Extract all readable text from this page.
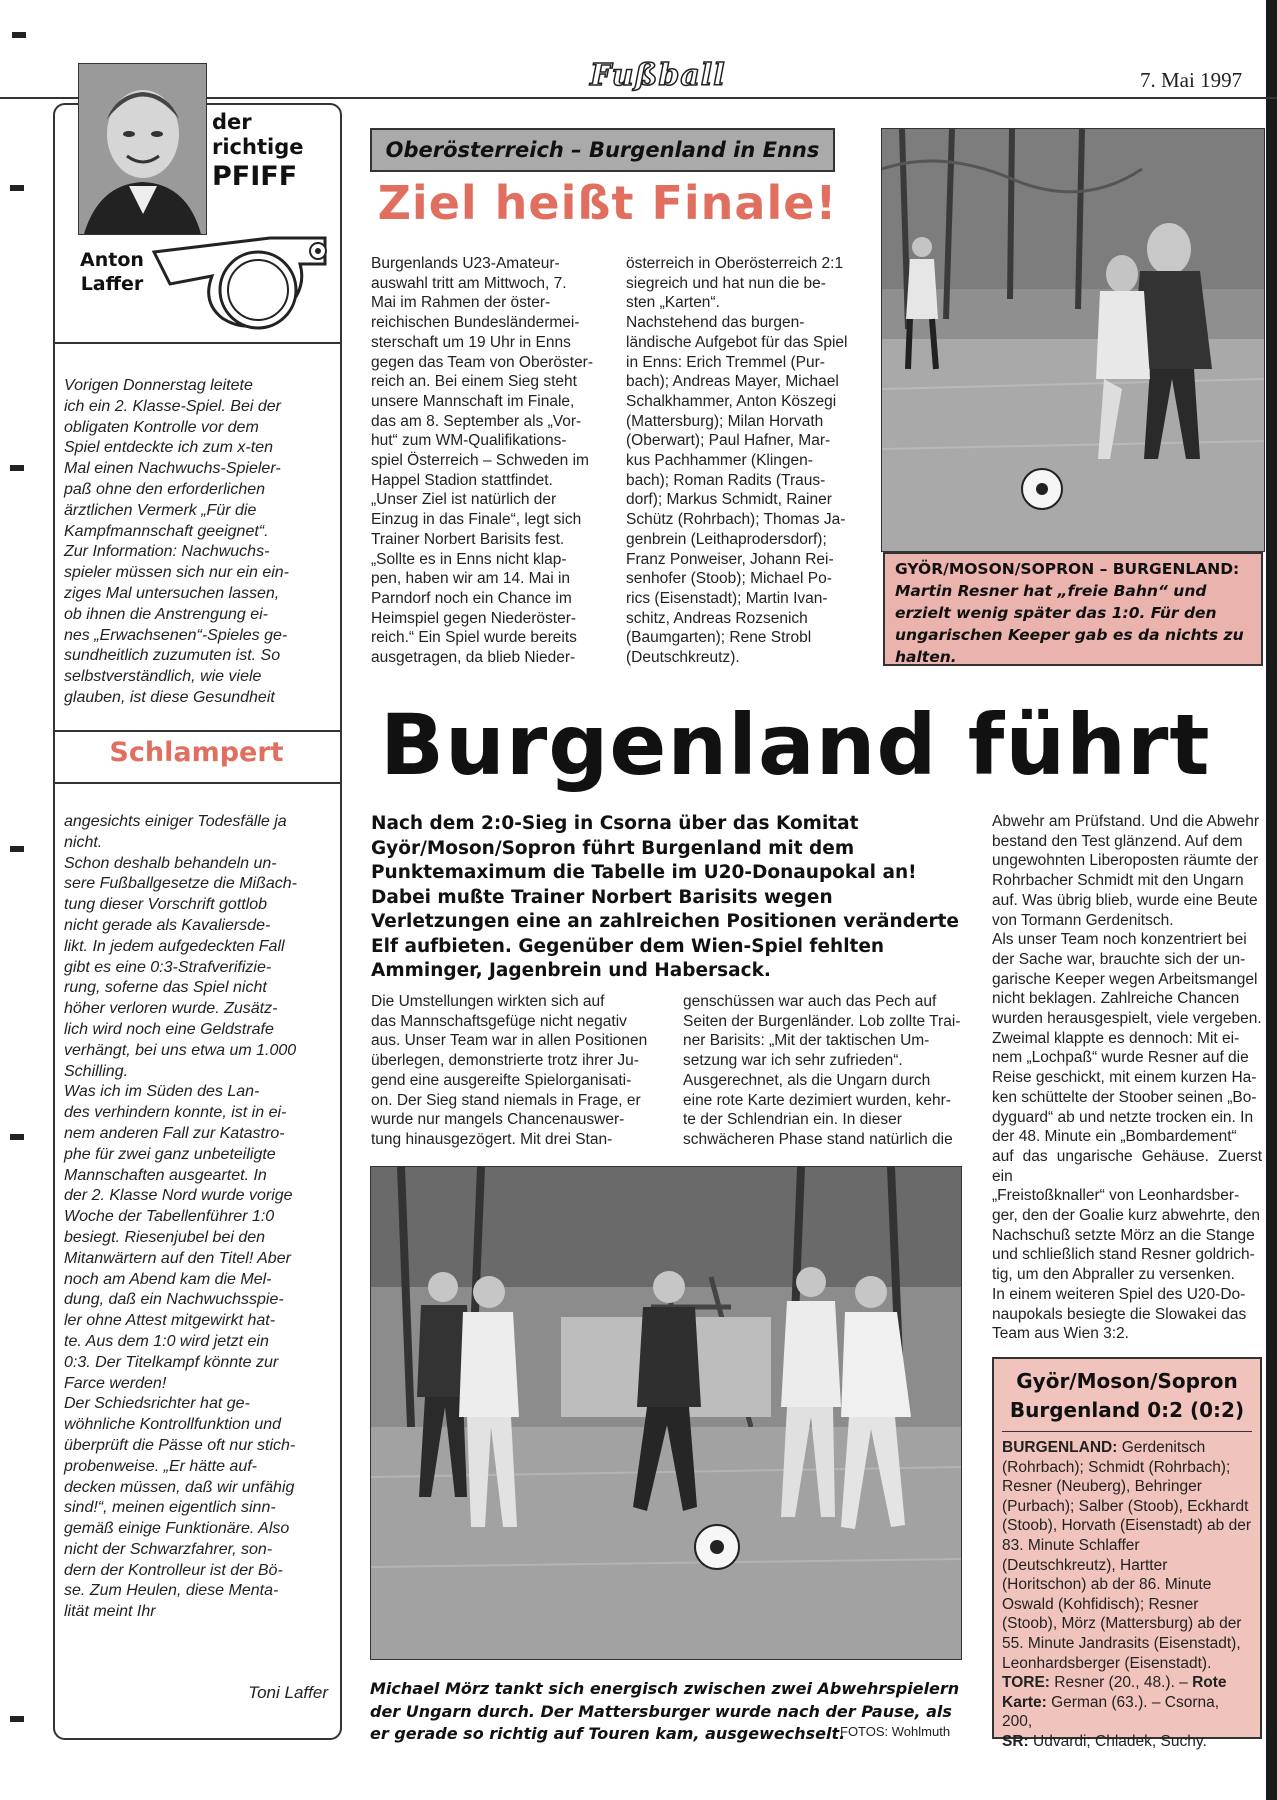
Fußball	7. Mai 1997
der
richtige
PFIFF
Anton
Laffer
Vorigen Donnerstag leitete
ich ein 2. Klasse-Spiel. Bei der
obligaten Kontrolle vor dem
Spiel entdeckte ich zum x-ten
Mal einen Nachwuchs-Spieler-
paß ohne den erforderlichen
ärztlichen Vermerk „Für die
Kampfmannschaft geeignet“.
Zur Information: Nachwuchs-
spieler müssen sich nur ein ein-
ziges Mal untersuchen lassen,
ob ihnen die Anstrengung ei-
nes „Erwachsenen“-Spieles ge-
sundheitlich zuzumuten ist. So
selbstverständlich, wie viele
glauben, ist diese Gesundheit
Schlampert
angesichts einiger Todesfälle ja
nicht.
Schon deshalb behandeln un-
sere Fußballgesetze die Mißach-
tung dieser Vorschrift gottlob
nicht gerade als Kavaliersde-
likt. In jedem aufgedeckten Fall
gibt es eine 0:3-Strafverifizie-
rung, soferne das Spiel nicht
höher verloren wurde. Zusätz-
lich wird noch eine Geldstrafe
verhängt, bei uns etwa um 1.000
Schilling.
Was ich im Süden des Lan-
des verhindern konnte, ist in ei-
nem anderen Fall zur Katastro-
phe für zwei ganz unbeteiligte
Mannschaften ausgeartet. In
der 2. Klasse Nord wurde vorige
Woche der Tabellenführer 1:0
besiegt. Riesenjubel bei den
Mitanwärtern auf den Titel! Aber
noch am Abend kam die Mel-
dung, daß ein Nachwuchsspie-
ler ohne Attest mitgewirkt hat-
te. Aus dem 1:0 wird jetzt ein
0:3. Der Titelkampf könnte zur
Farce werden!
Der Schiedsrichter hat ge-
wöhnliche Kontrollfunktion und
überprüft die Pässe oft nur stich-
probenweise. „Er hätte auf-
decken müssen, daß wir unfähig
sind!“, meinen eigentlich sinn-
gemäß einige Funktionäre. Also
nicht der Schwarzfahrer, son-
dern der Kontrolleur ist der Bö-
se. Zum Heulen, diese Menta-
lität meint Ihr
Toni Laffer
Oberösterreich – Burgenland in Enns
Ziel heißt Finale!
Burgenlands U23-Amateur-
auswahl tritt am Mittwoch, 7.
Mai im Rahmen der öster-
reichischen Bundesländermei-
sterschaft um 19 Uhr in Enns
gegen das Team von Oberöster-
reich an. Bei einem Sieg steht
unsere Mannschaft im Finale,
das am 8. September als „Vor-
hut“ zum WM-Qualifikations-
spiel Österreich – Schweden im
Happel Stadion stattfindet.
„Unser Ziel ist natürlich der
Einzug in das Finale“, legt sich
Trainer Norbert Barisits fest.
„Sollte es in Enns nicht klap-
pen, haben wir am 14. Mai in
Parndorf noch ein Chance im
Heimspiel gegen Niederöster-
reich.“ Ein Spiel wurde bereits
ausgetragen, da blieb Nieder-
österreich in Oberösterreich 2:1
siegreich und hat nun die be-
sten „Karten“.
Nachstehend das burgen-
ländische Aufgebot für das Spiel
in Enns: Erich Tremmel (Pur-
bach); Andreas Mayer, Michael
Schalkhammer, Anton Köszegi
(Mattersburg); Milan Horvath
(Oberwart); Paul Hafner, Mar-
kus Pachhammer (Klingen-
bach); Roman Radits (Traus-
dorf); Markus Schmidt, Rainer
Schütz (Rohrbach); Thomas Ja-
genbrein (Leithaprodersdorf);
Franz Ponweiser, Johann Rei-
senhofer (Stoob); Michael Po-
rics (Eisenstadt); Martin Ivan-
schitz, Andreas Rozsenich
(Baumgarten); Rene Strobl
(Deutschkreutz).
GYÖR/MOSON/SOPRON – BURGENLAND: Martin Resner hat „freie Bahn“ und erzielt wenig später das 1:0. Für den ungarischen Keeper gab es da nichts zu halten.
Burgenland führt
Nach dem 2:0-Sieg in Csorna über das Komitat Györ/Moson/Sopron führt Burgenland mit dem Punktemaximum die Tabelle im U20-Donaupokal an! Dabei mußte Trainer Norbert Barisits wegen Verletzungen eine an zahlreichen Positionen veränderte Elf aufbieten. Gegenüber dem Wien-Spiel fehlten Amminger, Jagenbrein und Habersack.
Die Umstellungen wirkten sich auf
das Mannschaftsgefüge nicht negativ
aus. Unser Team war in allen Positionen
überlegen, demonstrierte trotz ihrer Ju-
gend eine ausgereifte Spielorganisati-
on. Der Sieg stand niemals in Frage, er
wurde nur mangels Chancenauswer-
tung hinausgezögert. Mit drei Stan-
genschüssen war auch das Pech auf
Seiten der Burgenländer. Lob zollte Trai-
ner Barisits: „Mit der taktischen Um-
setzung war ich sehr zufrieden“.
Ausgerechnet, als die Ungarn durch
eine rote Karte dezimiert wurden, kehr-
te der Schlendrian ein. In dieser
schwächeren Phase stand natürlich die
Abwehr am Prüfstand. Und die Abwehr
bestand den Test glänzend. Auf dem
ungewohnten Liberoposten räumte der
Rohrbacher Schmidt mit den Ungarn
auf. Was übrig blieb, wurde eine Beute
von Tormann Gerdenitsch.
Als unser Team noch konzentriert bei
der Sache war, brauchte sich der un-
garische Keeper wegen Arbeitsmangel
nicht beklagen. Zahlreiche Chancen
wurden herausgespielt, viele vergeben.
Zweimal klappte es dennoch: Mit ei-
nem „Lochpaß“ wurde Resner auf die
Reise geschickt, mit einem kurzen Ha-
ken schüttelte der Stoober seinen „Bo-
dyguard“ ab und netzte trocken ein. In
der 48. Minute ein „Bombardement“
auf das ungarische Gehäuse. Zuerst ein
„Freistoßknaller“ von Leonhardsber-
ger, den der Goalie kurz abwehrte, den
Nachschuß setzte Mörz an die Stange
und schließlich stand Resner goldrich-
tig, um den Abpraller zu versenken.
In einem weiteren Spiel des U20-Do-
naupokals besiegte die Slowakei das
Team aus Wien 3:2.
Michael Mörz tankt sich energisch zwischen zwei Abwehrspielern der Ungarn durch. Der Mattersburger wurde nach der Pause, als er gerade so richtig auf Touren kam, ausgewechselt.
FOTOS: Wohlmuth
Györ/Moson/Sopron
Burgenland 0:2 (0:2)
BURGENLAND: Gerdenitsch (Rohrbach); Schmidt (Rohrbach); Resner (Neuberg), Behringer (Purbach); Salber (Stoob), Eckhardt (Stoob), Horvath (Eisenstadt) ab der 83. Minute Schlaffer (Deutschkreutz), Hartter (Horitschon) ab der 86. Minute Oswald (Kohfidisch); Resner (Stoob), Mörz (Mattersburg) ab der 55. Minute Jandrasits (Eisenstadt), Leonhardsberger (Eisenstadt).
TORE: Resner (20., 48.). – Rote Karte: German (63.). – Csorna, 200,
SR: Udvardi; Chladek, Suchy.
